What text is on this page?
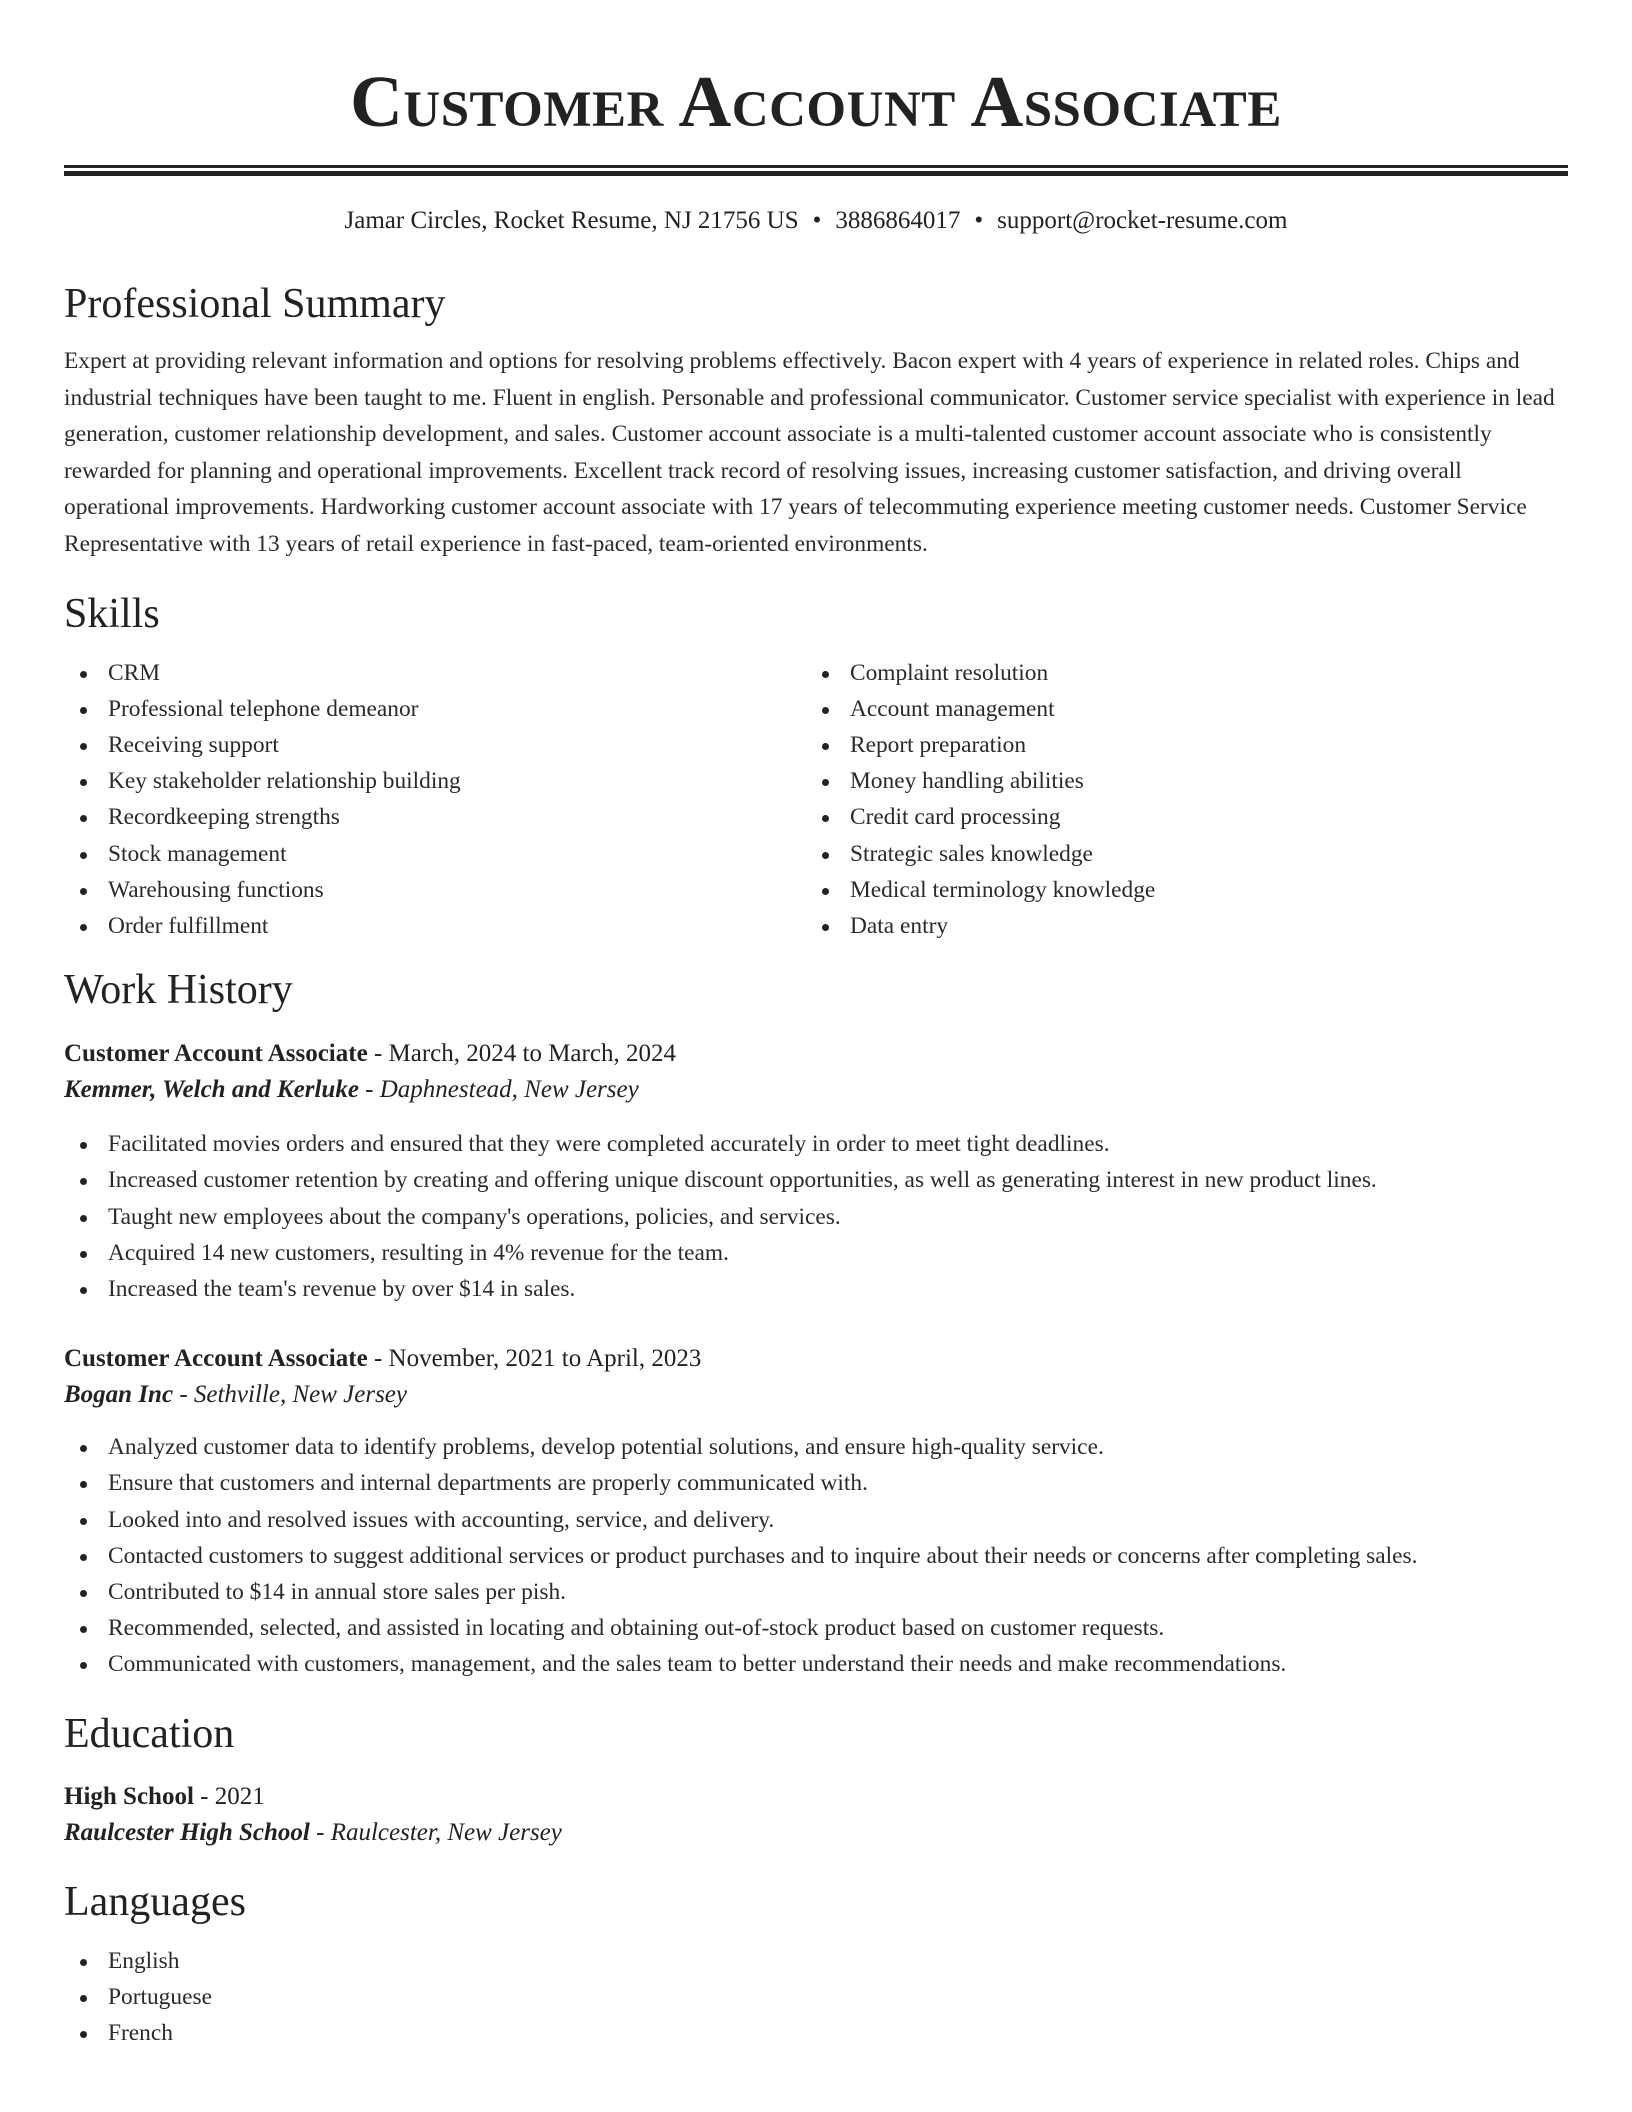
Customer Account Associate
Jamar Circles, Rocket Resume, NJ 21756 US • 3886864017 • support@rocket-resume.com
Professional Summary

Expert at providing relevant information and options for resolving problems effectively. Bacon expert with 4 years of experience in related roles. Chips and industrial techniques have been taught to me. Fluent in english. Personable and professional communicator. Customer service specialist with experience in lead generation, customer relationship development, and sales. Customer account associate is a multi-talented customer account associate who is consistently rewarded for planning and operational improvements. Excellent track record of resolving issues, increasing customer satisfaction, and driving overall operational improvements. Hardworking customer account associate with 17 years of telecommuting experience meeting customer needs. Customer Service Representative with 13 years of retail experience in fast-paced, team-oriented environments.

Skills
CRM
Professional telephone demeanor
Receiving support
Key stakeholder relationship building
Recordkeeping strengths
Stock management
Warehousing functions
Order fulfillment
Complaint resolution
Account management
Report preparation
Money handling abilities
Credit card processing
Strategic sales knowledge
Medical terminology knowledge
Data entry
Work History
Customer Account Associate - March, 2024 to March, 2024
Kemmer, Welch and Kerluke - Daphnestead, New Jersey
Facilitated movies orders and ensured that they were completed accurately in order to meet tight deadlines.
Increased customer retention by creating and offering unique discount opportunities, as well as generating interest in new product lines.
Taught new employees about the company's operations, policies, and services.
Acquired 14 new customers, resulting in 4% revenue for the team.
Increased the team's revenue by over $14 in sales.
Customer Account Associate - November, 2021 to April, 2023
Bogan Inc - Sethville, New Jersey
Analyzed customer data to identify problems, develop potential solutions, and ensure high-quality service.
Ensure that customers and internal departments are properly communicated with.
Looked into and resolved issues with accounting, service, and delivery.
Contacted customers to suggest additional services or product purchases and to inquire about their needs or concerns after completing sales.
Contributed to $14 in annual store sales per pish.
Recommended, selected, and assisted in locating and obtaining out-of-stock product based on customer requests.
Communicated with customers, management, and the sales team to better understand their needs and make recommendations.
Education
High School - 2021
Raulcester High School - Raulcester, New Jersey
Languages
English
Portuguese
French
